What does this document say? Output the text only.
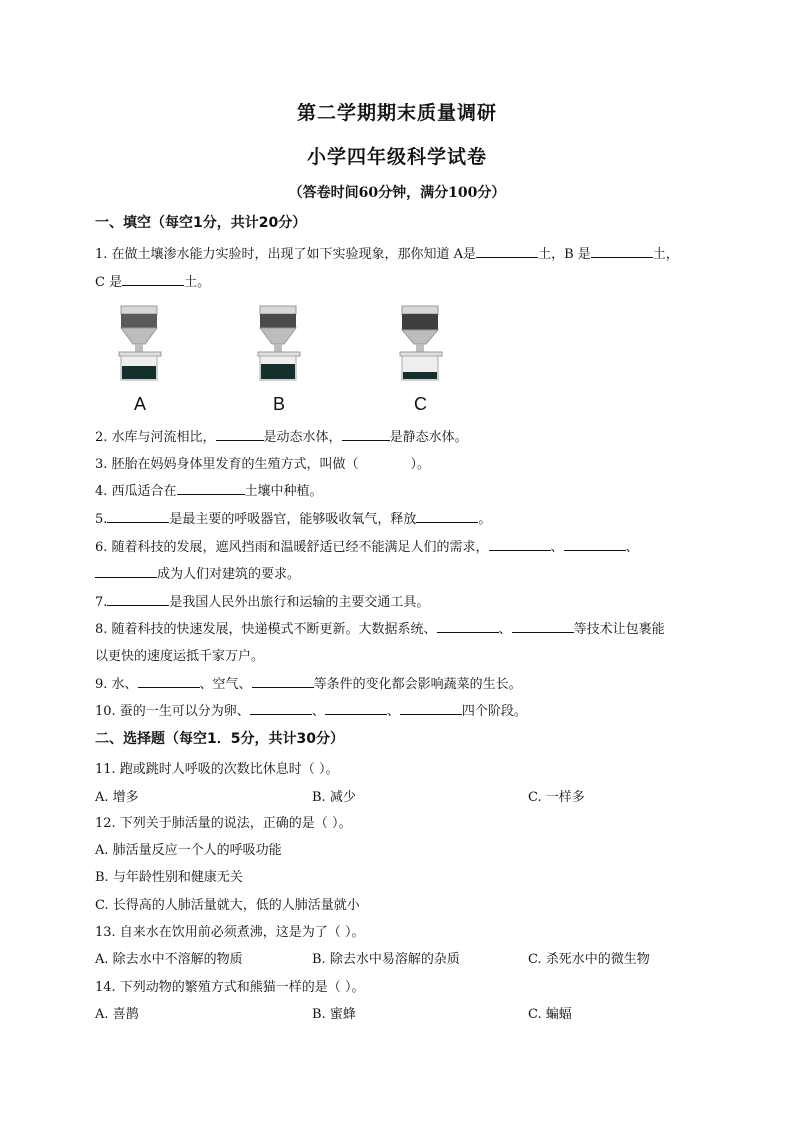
第二学期期末质量调研
小学四年级科学试卷
（答卷时间60分钟，满分100分）
一、填空（每空1分，共计20分）
1. 在做土壤渗水能力实验时，出现了如下实验现象，那你知道 A是	土，B 是	土，
C 是	土。
A	B	C
2. 水库与河流相比，	是动态水体，	是静态水体。
3. 胚胎在妈妈身体里发育的生殖方式，叫做（	）。
4. 西瓜适合在	土壤中种植。
5.	是最主要的呼吸器官，能够吸收氧气，释放	。
6. 随着科技的发展，遮风挡雨和温暖舒适已经不能满足人们的需求，	、	、
成为人们对建筑的要求。
7.	是我国人民外出旅行和运输的主要交通工具。
8. 随着科技的快速发展，快递模式不断更新。大数据系统、	、	等技术让包裹能
以更快的速度运抵千家万户。
9. 水、	、空气、	等条件的变化都会影响蔬菜的生长。
10. 蚕的一生可以分为卵、	、	、	四个阶段。
二、选择题（每空1．5分，共计30分）
11. 跑或跳时人呼吸的次数比休息时（ ）。
A. 增多	B. 减少	C. 一样多
12. 下列关于肺活量的说法，正确的是（ ）。
A. 肺活量反应一个人的呼吸功能
B. 与年龄性别和健康无关
C. 长得高的人肺活量就大，低的人肺活量就小
13. 自来水在饮用前必须煮沸，这是为了（ ）。
A. 除去水中不溶解的物质	B. 除去水中易溶解的杂质	C. 杀死水中的微生物
14. 下列动物的繁殖方式和熊猫一样的是（ ）。
A. 喜鹊	B. 蜜蜂	C. 蝙蝠
